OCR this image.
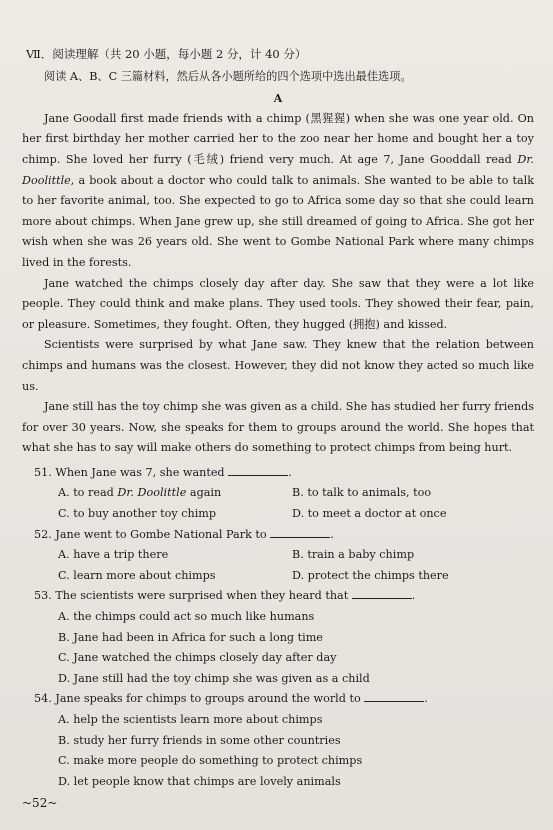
Ⅶ．阅读理解（共 20 小题，每小题 2 分，计 40 分）
阅读 A、B、C 三篇材料，然后从各小题所给的四个选项中选出最佳选项。
A

Jane Goodall first made friends with a chimp (黑猩猩) when she was one year old. On her first birthday her mother carried her to the zoo near her home and bought her a toy chimp. She loved her furry (毛绒) friend very much. At age 7, Jane Gooddall read Dr. Doolittle, a book about a doctor who could talk to animals. She wanted to be able to talk to her favorite animal, too. She expected to go to Africa some day so that she could learn more about chimps. When Jane grew up, she still dreamed of going to Africa. She got her wish when she was 26 years old. She went to Gombe National Park where many chimps lived in the forests.

Jane watched the chimps closely day after day. She saw that they were a lot like people. They could think and make plans. They used tools. They showed their fear, pain, or pleasure. Sometimes, they fought. Often, they hugged (拥抱) and kissed.

Scientists were surprised by what Jane saw. They knew that the relation between chimps and humans was the closest. However, they did not know they acted so much like us.

Jane still has the toy chimp she was given as a child. She has studied her furry friends for over 30 years. Now, she speaks for them to groups around the world. She hopes that what she has to say will make others do something to protect chimps from being hurt.

51. When Jane was 7, she wanted	.
A. to read Dr. Doolittle again	B. to talk to animals, too
C. to buy another toy chimp	D. to meet a doctor at once
52. Jane went to Gombe National Park to	.
A. have a trip there	B. train a baby chimp
C. learn more about chimps	D. protect the chimps there
53. The scientists were surprised when they heard that	.
A. the chimps could act so much like humans
B. Jane had been in Africa for such a long time
C. Jane watched the chimps closely day after day
D. Jane still had the toy chimp she was given as a child
54. Jane speaks for chimps to groups around the world to	.
A. help the scientists learn more about chimps
B. study her furry friends in some other countries
C. make more people do something to protect chimps
D. let people know that chimps are lovely animals
~52~
